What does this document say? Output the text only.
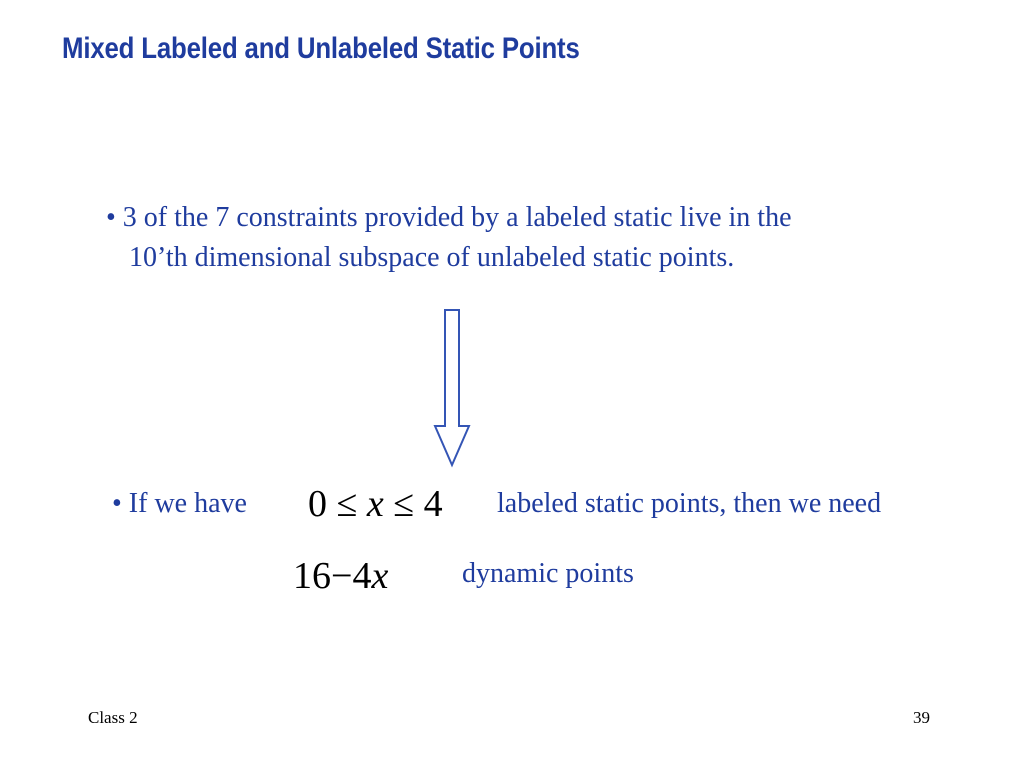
Mixed Labeled and Unlabeled Static Points
• 3 of the 7 constraints provided by a labeled static live in the
10’th dimensional subspace of unlabeled static points.
• If we have 0 ≤ x ≤ 4 labeled static points, then we need
16−4x	dynamic points
Class 2	39
